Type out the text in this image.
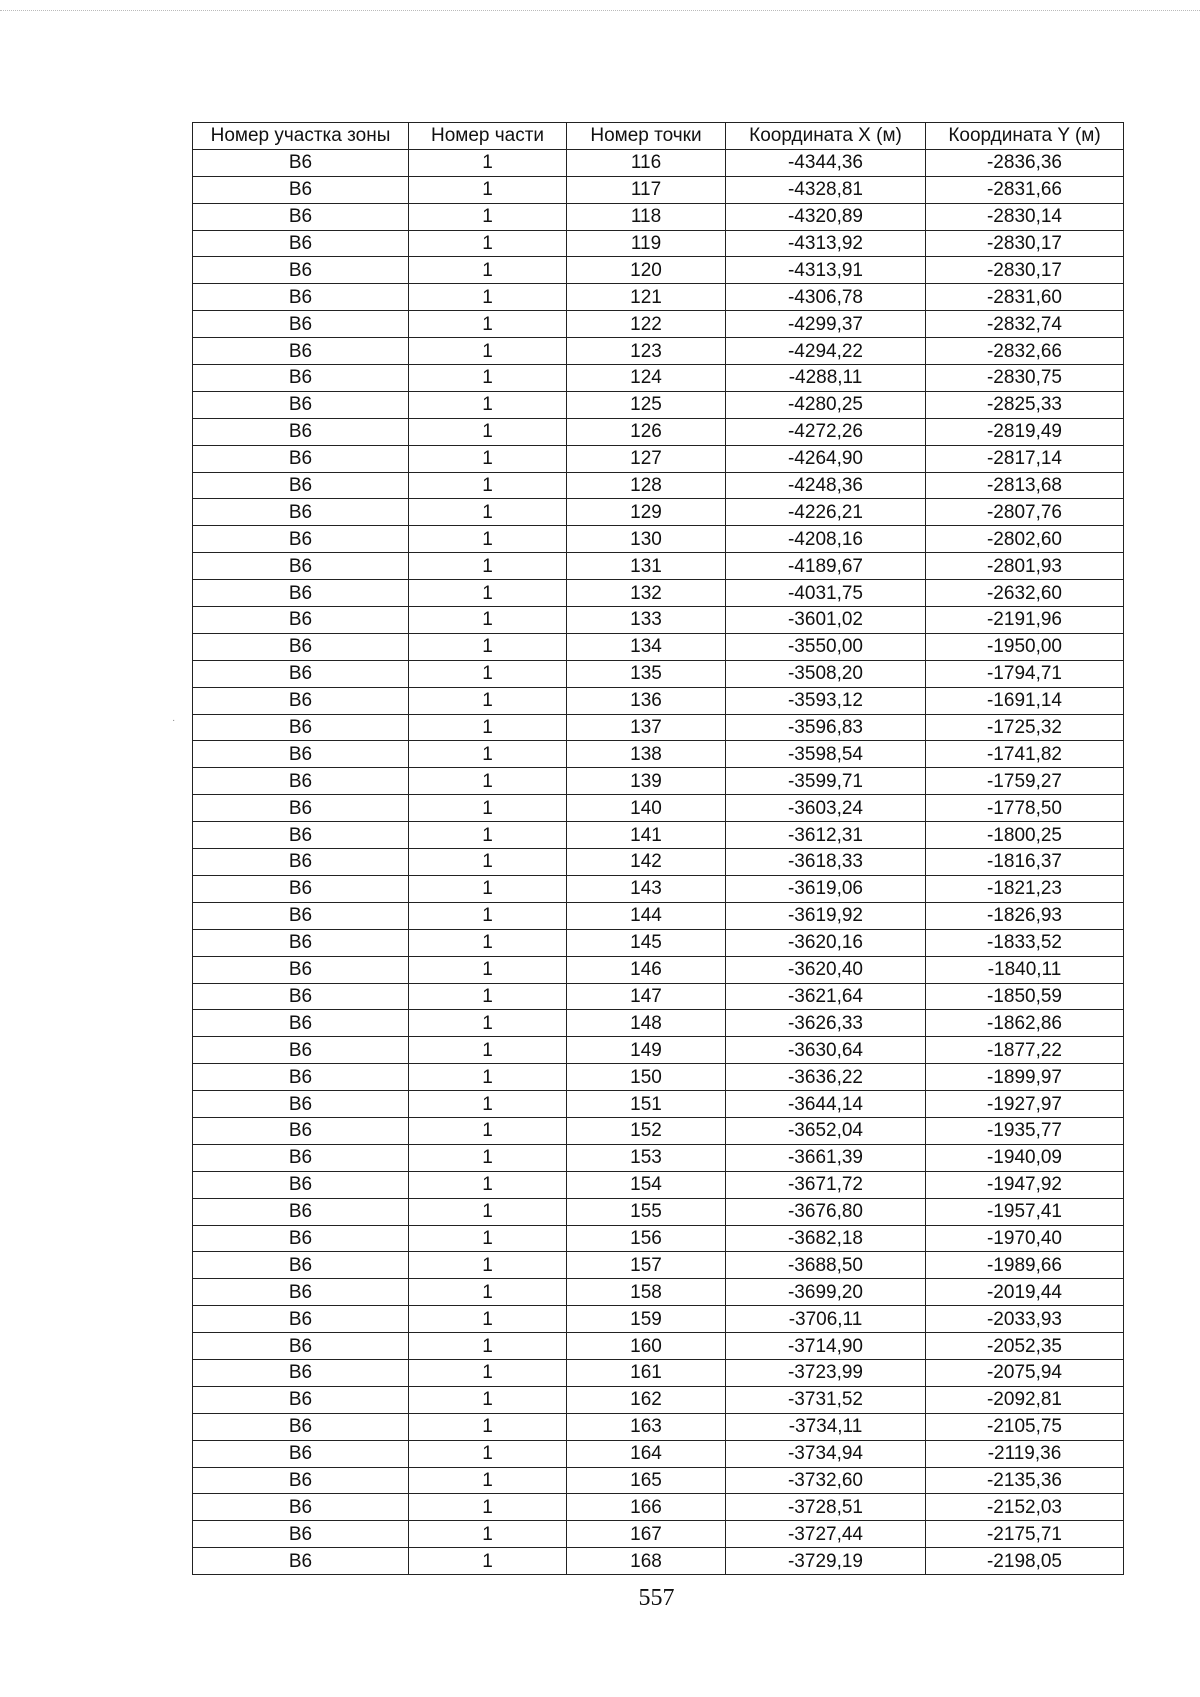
·
Номер участка зоны	Номер части	Номер точки	Координата X (м)	Координата Y (м)
В6	1	116	-4344,36	-2836,36
В6	1	117	-4328,81	-2831,66
В6	1	118	-4320,89	-2830,14
В6	1	119	-4313,92	-2830,17
В6	1	120	-4313,91	-2830,17
В6	1	121	-4306,78	-2831,60
В6	1	122	-4299,37	-2832,74
В6	1	123	-4294,22	-2832,66
В6	1	124	-4288,11	-2830,75
В6	1	125	-4280,25	-2825,33
В6	1	126	-4272,26	-2819,49
В6	1	127	-4264,90	-2817,14
В6	1	128	-4248,36	-2813,68
В6	1	129	-4226,21	-2807,76
В6	1	130	-4208,16	-2802,60
В6	1	131	-4189,67	-2801,93
В6	1	132	-4031,75	-2632,60
В6	1	133	-3601,02	-2191,96
В6	1	134	-3550,00	-1950,00
В6	1	135	-3508,20	-1794,71
В6	1	136	-3593,12	-1691,14
В6	1	137	-3596,83	-1725,32
В6	1	138	-3598,54	-1741,82
В6	1	139	-3599,71	-1759,27
В6	1	140	-3603,24	-1778,50
В6	1	141	-3612,31	-1800,25
В6	1	142	-3618,33	-1816,37
В6	1	143	-3619,06	-1821,23
В6	1	144	-3619,92	-1826,93
В6	1	145	-3620,16	-1833,52
В6	1	146	-3620,40	-1840,11
В6	1	147	-3621,64	-1850,59
В6	1	148	-3626,33	-1862,86
В6	1	149	-3630,64	-1877,22
В6	1	150	-3636,22	-1899,97
В6	1	151	-3644,14	-1927,97
В6	1	152	-3652,04	-1935,77
В6	1	153	-3661,39	-1940,09
В6	1	154	-3671,72	-1947,92
В6	1	155	-3676,80	-1957,41
В6	1	156	-3682,18	-1970,40
В6	1	157	-3688,50	-1989,66
В6	1	158	-3699,20	-2019,44
В6	1	159	-3706,11	-2033,93
В6	1	160	-3714,90	-2052,35
В6	1	161	-3723,99	-2075,94
В6	1	162	-3731,52	-2092,81
В6	1	163	-3734,11	-2105,75
В6	1	164	-3734,94	-2119,36
В6	1	165	-3732,60	-2135,36
В6	1	166	-3728,51	-2152,03
В6	1	167	-3727,44	-2175,71
В6	1	168	-3729,19	-2198,05
557
